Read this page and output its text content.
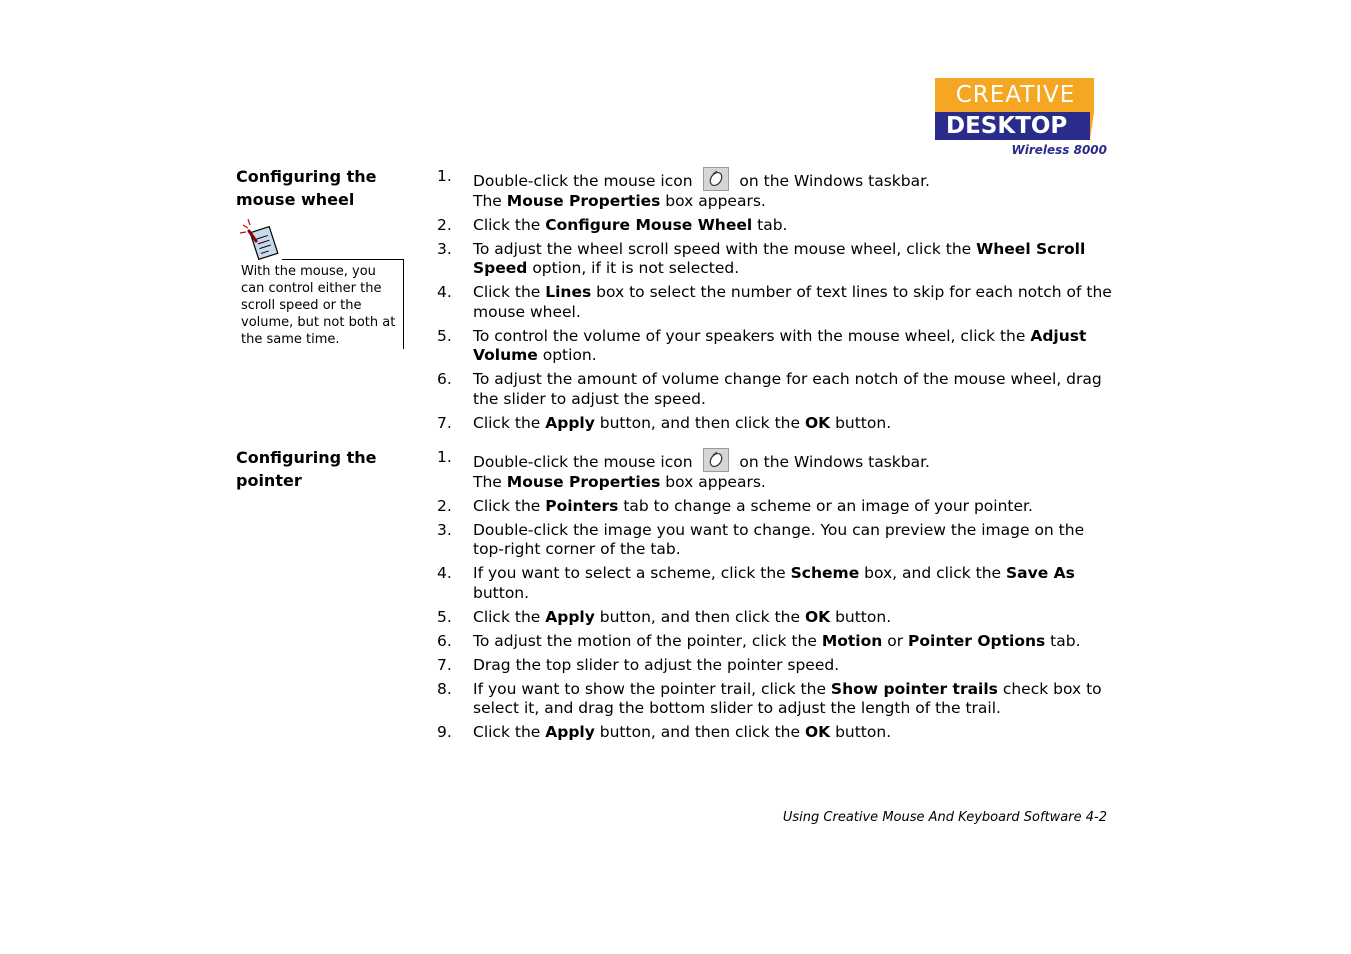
CREATIVE
DESKTOP
Wireless 8000
Configuring the
mouse wheel
With the mouse, you can control either the scroll speed or the volume, but not both at the same time.
1.	Double-click the mouse icon	on the Windows taskbar.
The Mouse Properties box appears.
2.	Click the Configure Mouse Wheel tab.
3.	To adjust the wheel scroll speed with the mouse wheel, click the Wheel Scroll Speed option, if it is not selected.
4.	Click the Lines box to select the number of text lines to skip for each notch of the mouse wheel.
5.	To control the volume of your speakers with the mouse wheel, click the Adjust Volume option.
6.	To adjust the amount of volume change for each notch of the mouse wheel, drag the slider to adjust the speed.
7.	Click the Apply button, and then click the OK button.
Configuring the
pointer
1.	Double-click the mouse icon	on the Windows taskbar.
The Mouse Properties box appears.
2.	Click the Pointers tab to change a scheme or an image of your pointer.
3.	Double-click the image you want to change. You can preview the image on the top-right corner of the tab.
4.	If you want to select a scheme, click the Scheme box, and click the Save As button.
5.	Click the Apply button, and then click the OK button.
6.	To adjust the motion of the pointer, click the Motion or Pointer Options tab.
7.	Drag the top slider to adjust the pointer speed.
8.	If you want to show the pointer trail, click the Show pointer trails check box to select it, and drag the bottom slider to adjust the length of the trail.
9.	Click the Apply button, and then click the OK button.
Using Creative Mouse And Keyboard Software 4-2
